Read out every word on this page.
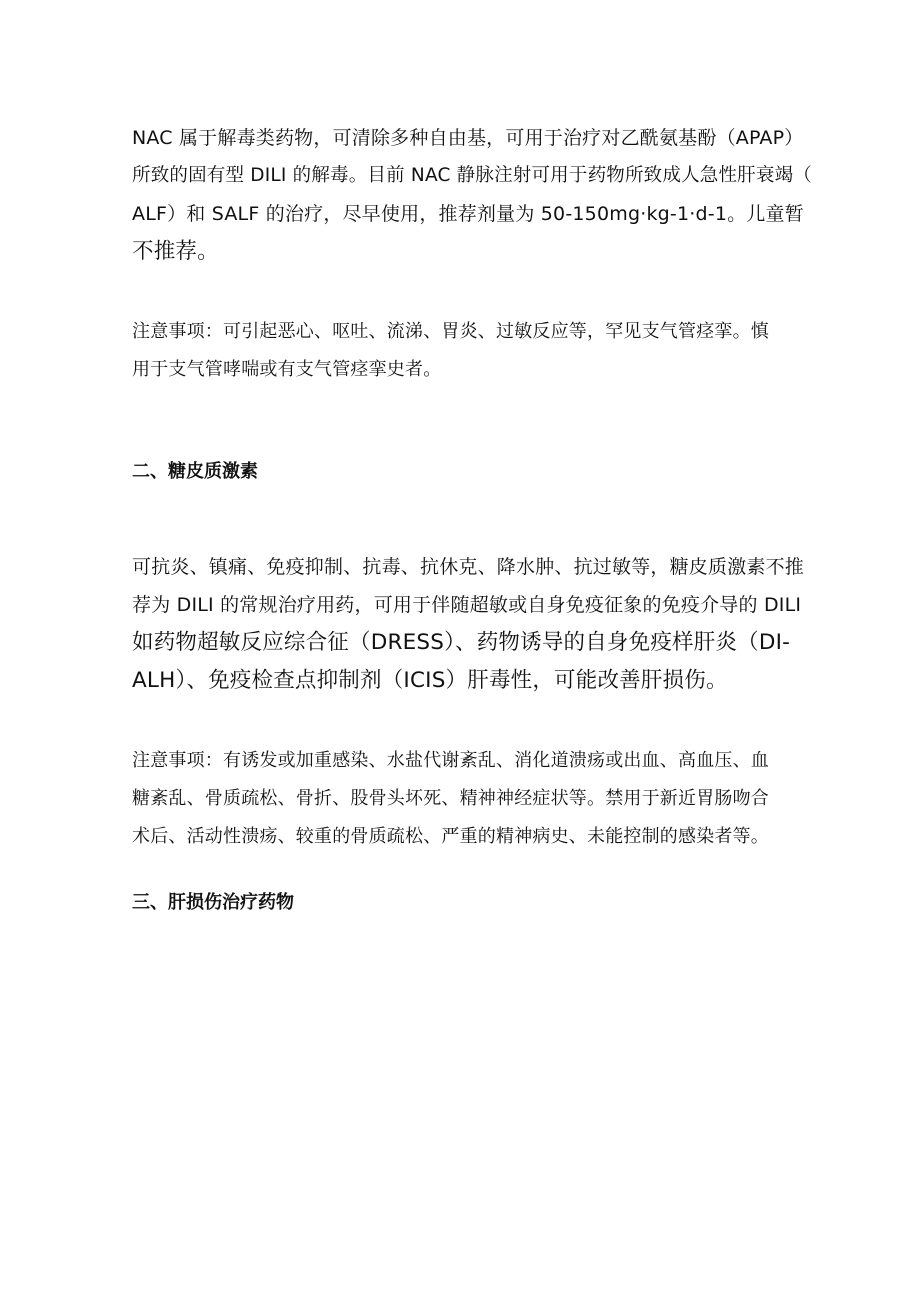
NAC 属于解毒类药物，可清除多种自由基，可用于治疗对乙酰氨基酚（APAP）
所致的固有型 DILI 的解毒。目前 NAC 静脉注射可用于药物所致成人急性肝衰竭（
ALF）和 SALF 的治疗，尽早使用，推荐剂量为 50-150mg·kg-1·d-1。儿童暂
不推荐。
注意事项：可引起恶心、呕吐、流涕、胃炎、过敏反应等，罕见支气管痉挛。慎
用于支气管哮喘或有支气管痉挛史者。
二、糖皮质激素
可抗炎、镇痛、免疫抑制、抗毒、抗休克、降水肿、抗过敏等，糖皮质激素不推
荐为 DILI 的常规治疗用药，可用于伴随超敏或自身免疫征象的免疫介导的 DILI
如药物超敏反应综合征（DRESS）、药物诱导的自身免疫样肝炎（DI-
ALH）、免疫检查点抑制剂（ICIS）肝毒性，可能改善肝损伤。
注意事项：有诱发或加重感染、水盐代谢紊乱、消化道溃疡或出血、高血压、血
糖紊乱、骨质疏松、骨折、股骨头坏死、精神神经症状等。禁用于新近胃肠吻合
术后、活动性溃疡、较重的骨质疏松、严重的精神病史、未能控制的感染者等。
三、肝损伤治疗药物
